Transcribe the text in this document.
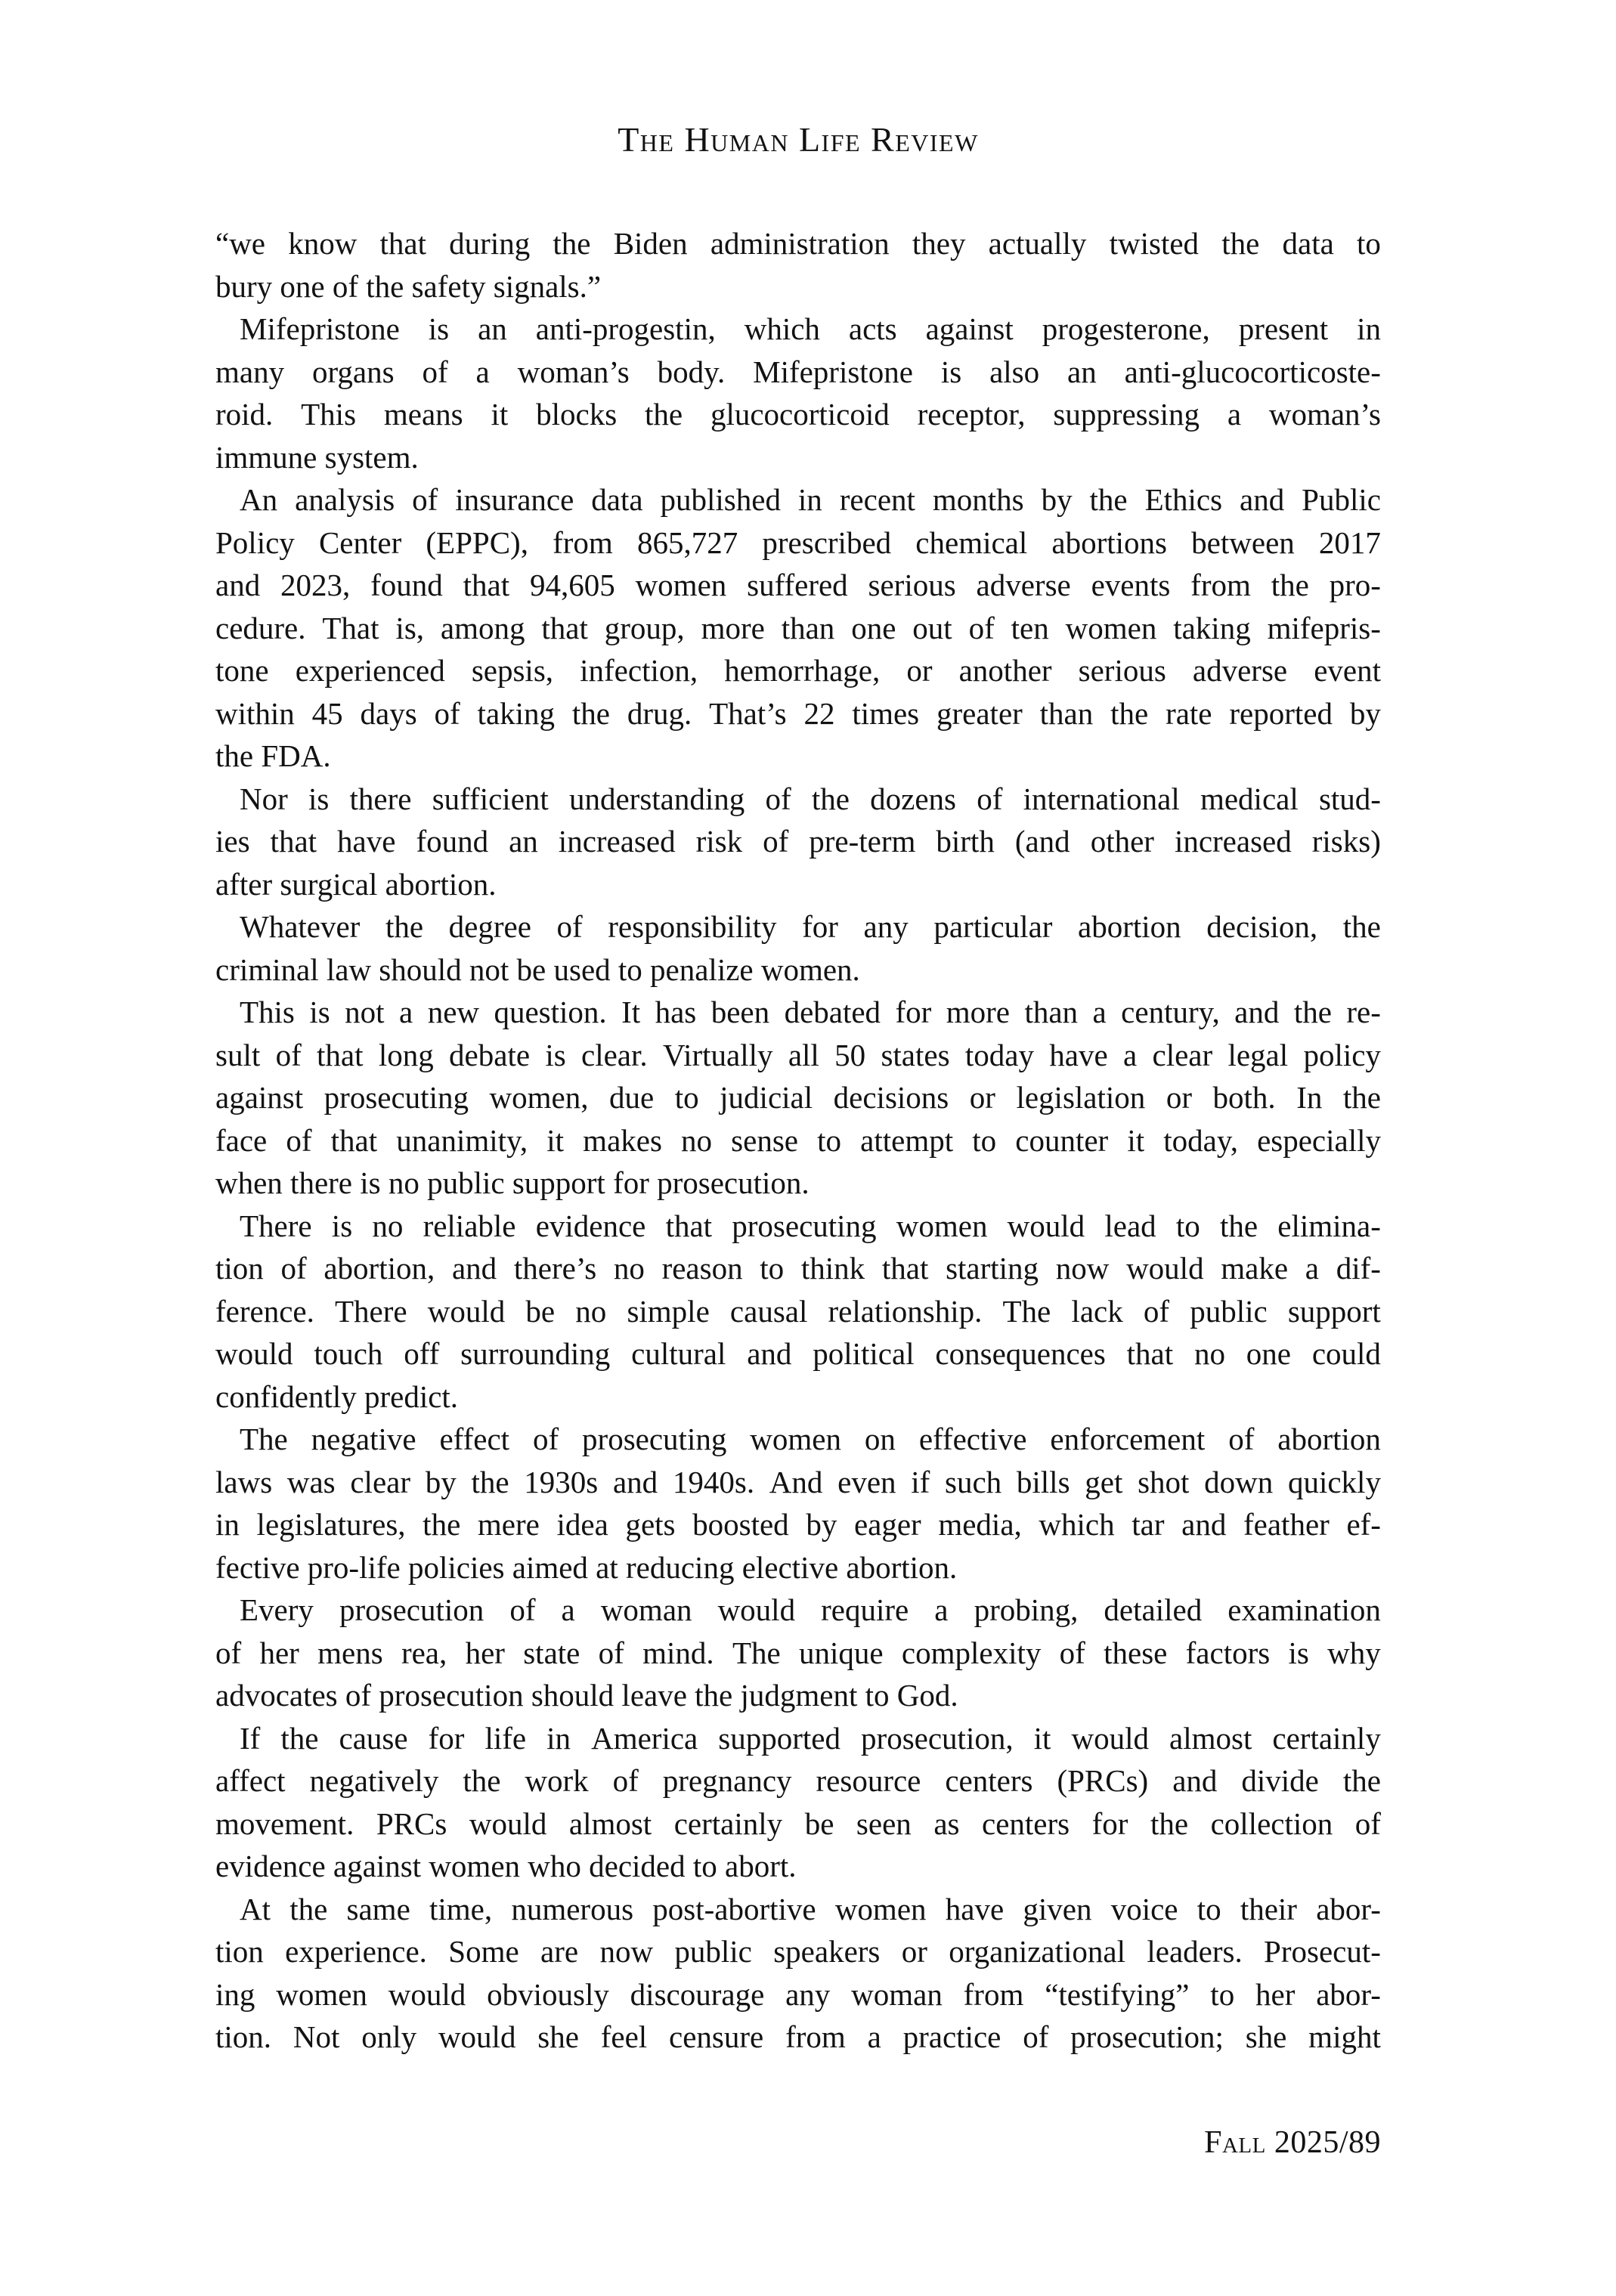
The Human Life Review
“we know that during the Biden administration they actually twisted the data to
bury one of the safety signals.”
Mifepristone is an anti-progestin, which acts against progesterone, present in
many organs of a woman’s body. Mifepristone is also an anti-glucocorticoste-
roid. This means it blocks the glucocorticoid receptor, suppressing a woman’s
immune system.
An analysis of insurance data published in recent months by the Ethics and Public
Policy Center (EPPC), from 865,727 prescribed chemical abortions between 2017
and 2023, found that 94,605 women suffered serious adverse events from the pro-
cedure. That is, among that group, more than one out of ten women taking mifepris-
tone experienced sepsis, infection, hemorrhage, or another serious adverse event
within 45 days of taking the drug. That’s 22 times greater than the rate reported by
the FDA.
Nor is there sufficient understanding of the dozens of international medical stud-
ies that have found an increased risk of pre-term birth (and other increased risks)
after surgical abortion.
Whatever the degree of responsibility for any particular abortion decision, the
criminal law should not be used to penalize women.
This is not a new question. It has been debated for more than a century, and the re-
sult of that long debate is clear. Virtually all 50 states today have a clear legal policy
against prosecuting women, due to judicial decisions or legislation or both. In the
face of that unanimity, it makes no sense to attempt to counter it today, especially
when there is no public support for prosecution.
There is no reliable evidence that prosecuting women would lead to the elimina-
tion of abortion, and there’s no reason to think that starting now would make a dif-
ference. There would be no simple causal relationship. The lack of public support
would touch off surrounding cultural and political consequences that no one could
confidently predict.
The negative effect of prosecuting women on effective enforcement of abortion
laws was clear by the 1930s and 1940s. And even if such bills get shot down quickly
in legislatures, the mere idea gets boosted by eager media, which tar and feather ef-
fective pro-life policies aimed at reducing elective abortion.
Every prosecution of a woman would require a probing, detailed examination
of her mens rea, her state of mind. The unique complexity of these factors is why
advocates of prosecution should leave the judgment to God.
If the cause for life in America supported prosecution, it would almost certainly
affect negatively the work of pregnancy resource centers (PRCs) and divide the
movement. PRCs would almost certainly be seen as centers for the collection of
evidence against women who decided to abort.
At the same time, numerous post-abortive women have given voice to their abor-
tion experience. Some are now public speakers or organizational leaders. Prosecut-
ing women would obviously discourage any woman from “testifying” to her abor-
tion. Not only would she feel censure from a practice of prosecution; she might
Fall 2025/89
